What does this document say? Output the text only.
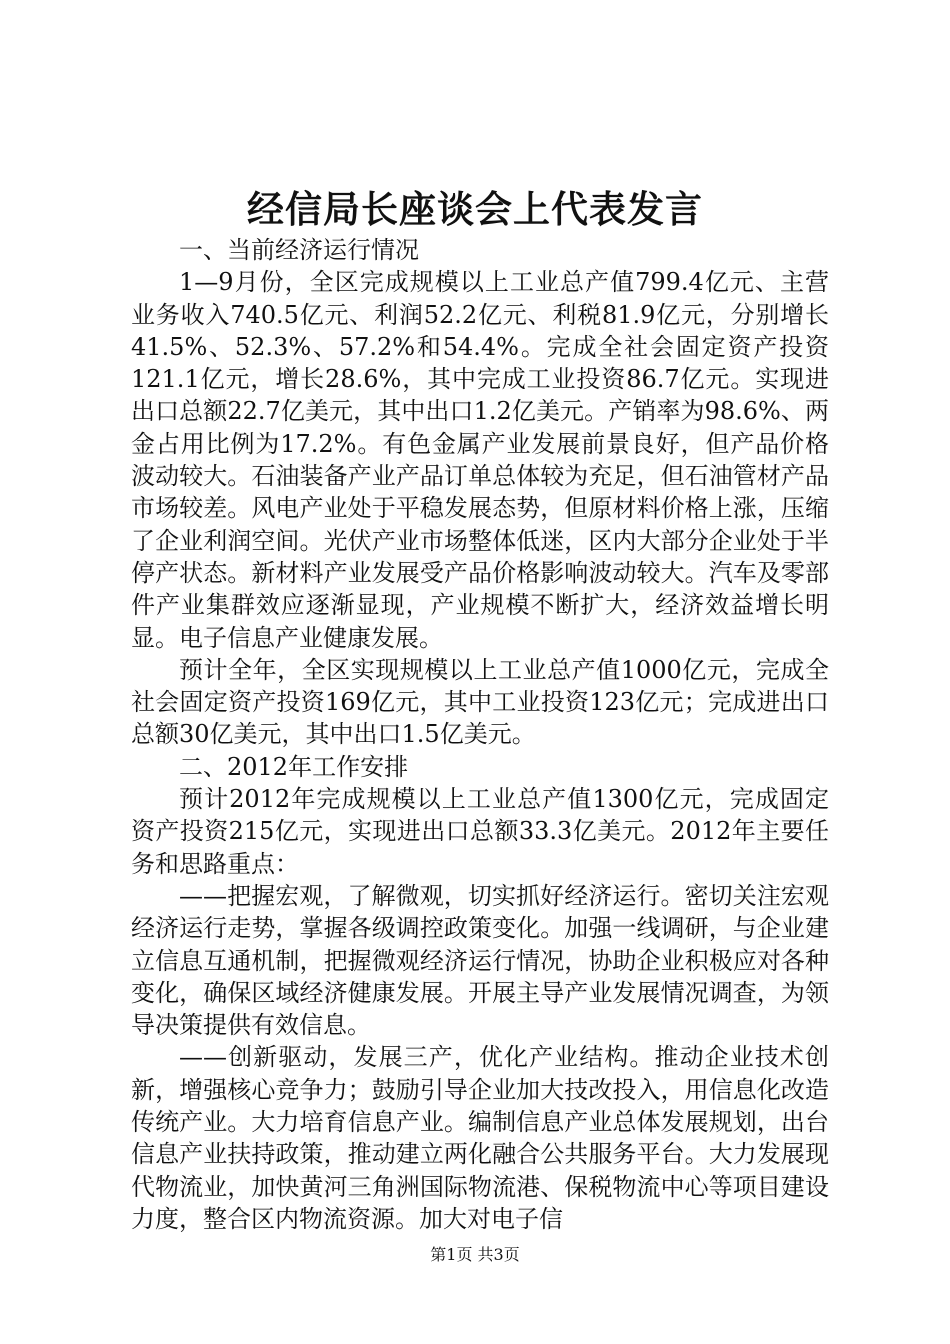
经信局长座谈会上代表发言

一、当前经济运行情况

1—9月份，全区完成规模以上工业总产值799.4亿元、主营业务收入740.5亿元、利润52.2亿元、利税81.9亿元，分别增长41.5%、52.3%、57.2%和54.4%。完成全社会固定资产投资121.1亿元，增长28.6%，其中完成工业投资86.7亿元。实现进出口总额22.7亿美元，其中出口1.2亿美元。产销率为98.6%、两金占用比例为17.2%。有色金属产业发展前景良好，但产品价格波动较大。石油装备产业产品订单总体较为充足，但石油管材产品市场较差。风电产业处于平稳发展态势，但原材料价格上涨，压缩了企业利润空间。光伏产业市场整体低迷，区内大部分企业处于半停产状态。新材料产业发展受产品价格影响波动较大。汽车及零部件产业集群效应逐渐显现，产业规模不断扩大，经济效益增长明显。电子信息产业健康发展。

预计全年，全区实现规模以上工业总产值1000亿元，完成全社会固定资产投资169亿元，其中工业投资123亿元；完成进出口总额30亿美元，其中出口1.5亿美元。

二、2012年工作安排

预计2012年完成规模以上工业总产值1300亿元，完成固定资产投资215亿元，实现进出口总额33.3亿美元。2012年主要任务和思路重点：

——把握宏观，了解微观，切实抓好经济运行。密切关注宏观经济运行走势，掌握各级调控政策变化。加强一线调研，与企业建立信息互通机制，把握微观经济运行情况，协助企业积极应对各种变化，确保区域经济健康发展。开展主导产业发展情况调查，为领导决策提供有效信息。

——创新驱动，发展三产，优化产业结构。推动企业技术创新，增强核心竞争力；鼓励引导企业加大技改投入，用信息化改造传统产业。大力培育信息产业。编制信息产业总体发展规划，出台信息产业扶持政策，推动建立两化融合公共服务平台。大力发展现代物流业，加快黄河三角洲国际物流港、保税物流中心等项目建设力度，整合区内物流资源。加大对电子信

第1页 共3页
